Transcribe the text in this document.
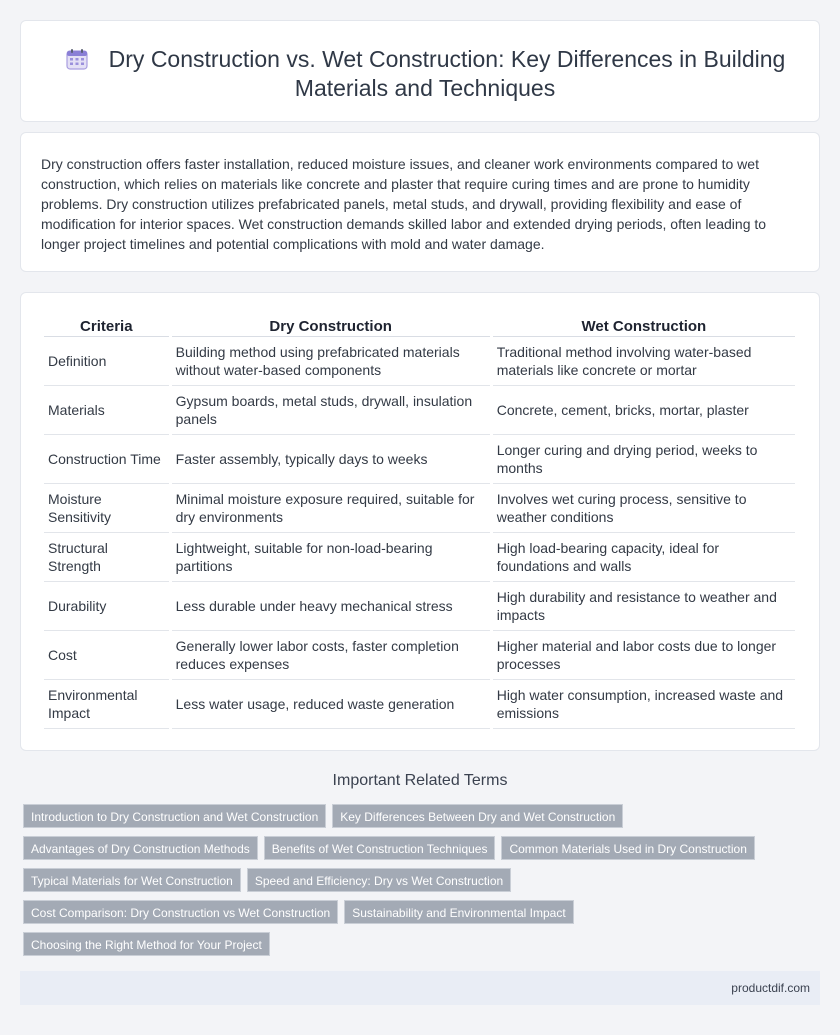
Dry Construction vs. Wet Construction: Key Differences in Building Materials and Techniques

Dry construction offers faster installation, reduced moisture issues, and cleaner work environments compared to wet construction, which relies on materials like concrete and plaster that require curing times and are prone to humidity problems. Dry construction utilizes prefabricated panels, metal studs, and drywall, providing flexibility and ease of modification for interior spaces. Wet construction demands skilled labor and extended drying periods, often leading to longer project timelines and potential complications with mold and water damage.

Criteria	Dry Construction	Wet Construction
Definition	Building method using prefabricated materials without water-based components	Traditional method involving water-based materials like concrete or mortar
Materials	Gypsum boards, metal studs, drywall, insulation panels	Concrete, cement, bricks, mortar, plaster
Construction Time	Faster assembly, typically days to weeks	Longer curing and drying period, weeks to months
Moisture Sensitivity	Minimal moisture exposure required, suitable for dry environments	Involves wet curing process, sensitive to weather conditions
Structural Strength	Lightweight, suitable for non-load-bearing partitions	High load-bearing capacity, ideal for foundations and walls
Durability	Less durable under heavy mechanical stress	High durability and resistance to weather and impacts
Cost	Generally lower labor costs, faster completion reduces expenses	Higher material and labor costs due to longer processes
Environmental Impact	Less water usage, reduced waste generation	High water consumption, increased waste and emissions
Important Related Terms
Introduction to Dry Construction and Wet Construction Key Differences Between Dry and Wet Construction
Advantages of Dry Construction Methods Benefits of Wet Construction Techniques Common Materials Used in Dry Construction
Typical Materials for Wet Construction Speed and Efficiency: Dry vs Wet Construction
Cost Comparison: Dry Construction vs Wet Construction Sustainability and Environmental Impact
Choosing the Right Method for Your Project
productdif.com
